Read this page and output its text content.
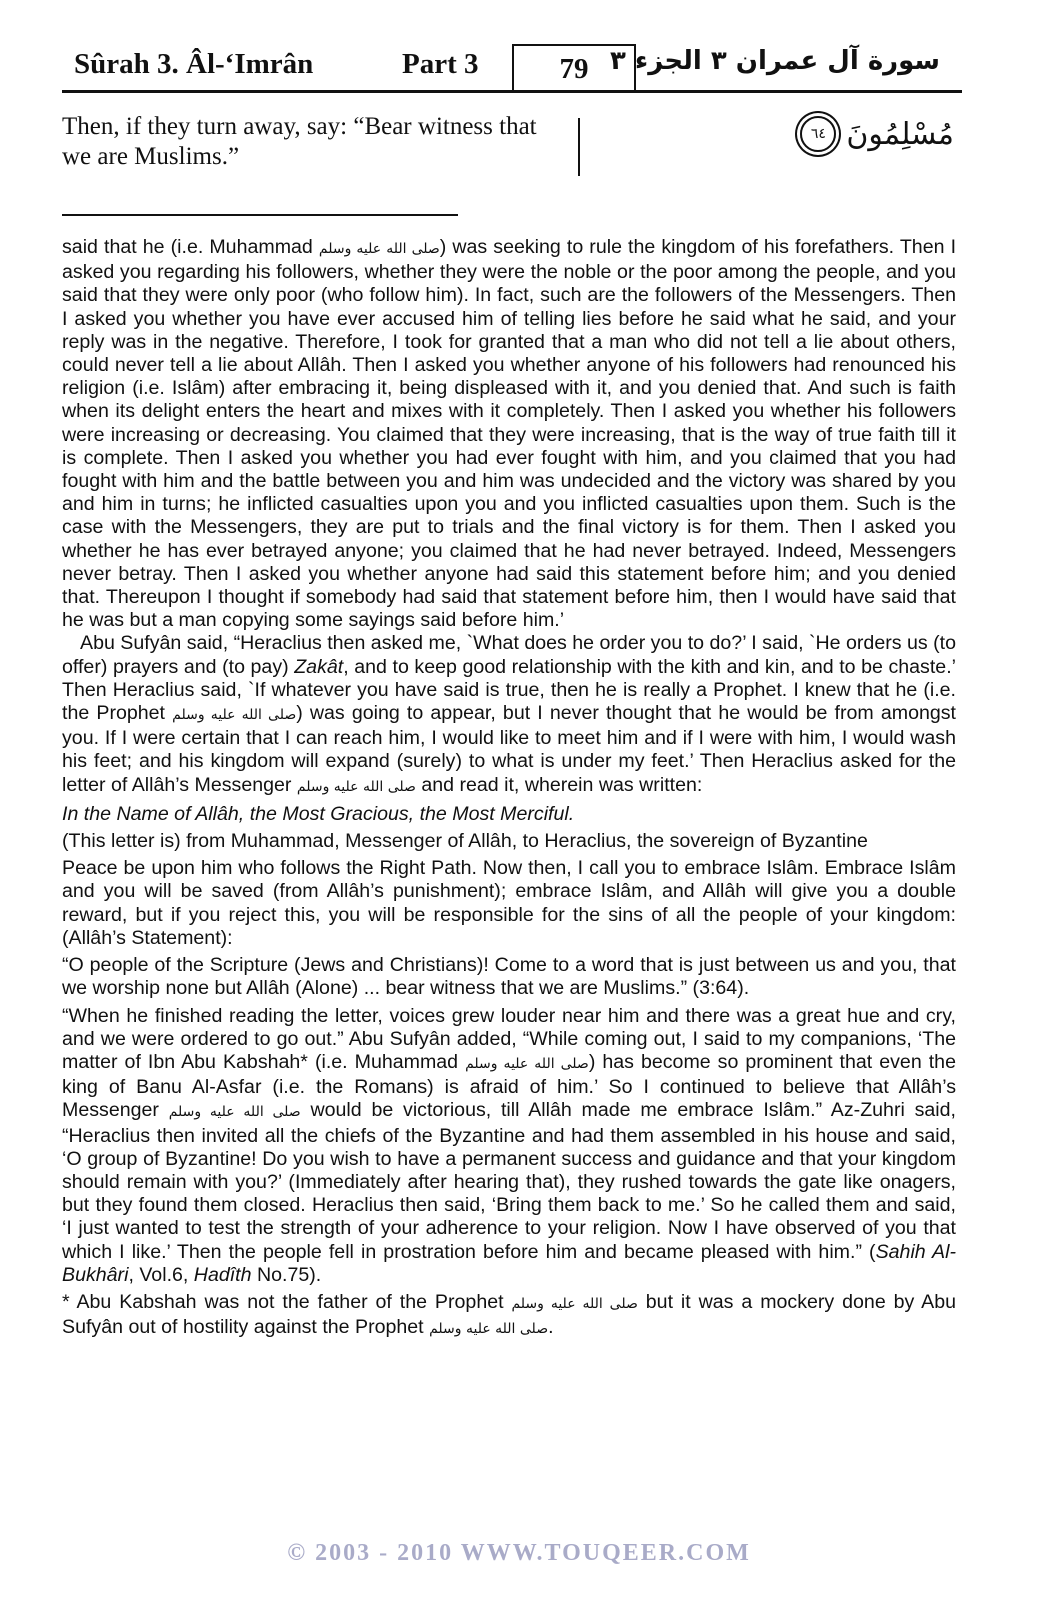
Sûrah 3. Âl-‘Imrân	Part 3	79 سورة آل عمران ٣ الجزء ٣
Then, if they turn away, say: “Bear witness that we are Muslims.”
مُسْلِمُونَ
٦٤

said that he (i.e. Muhammad صلى الله عليه وسلم) was seeking to rule the kingdom of his forefathers. Then I asked you regarding his followers, whether they were the noble or the poor among the people, and you said that they were only poor (who follow him). In fact, such are the followers of the Messengers. Then I asked you whether you have ever accused him of telling lies before he said what he said, and your reply was in the negative. Therefore, I took for granted that a man who did not tell a lie about others, could never tell a lie about Allâh. Then I asked you whether anyone of his followers had renounced his religion (i.e. Islâm) after embracing it, being displeased with it, and you denied that. And such is faith when its delight enters the heart and mixes with it completely. Then I asked you whether his followers were increasing or decreasing. You claimed that they were increasing, that is the way of true faith till it is complete. Then I asked you whether you had ever fought with him, and you claimed that you had fought with him and the battle between you and him was undecided and the victory was shared by you and him in turns; he inflicted casualties upon you and you inflicted casualties upon them. Such is the case with the Messengers, they are put to trials and the final victory is for them. Then I asked you whether he has ever betrayed anyone; you claimed that he had never betrayed. Indeed, Messengers never betray. Then I asked you whether anyone had said this statement before him; and you denied that. Thereupon I thought if somebody had said that statement before him, then I would have said that he was but a man copying some sayings said before him.’

Abu Sufyân said, “Heraclius then asked me, `What does he order you to do?’ I said, `He orders us (to offer) prayers and (to pay) Zakât, and to keep good relationship with the kith and kin, and to be chaste.’ Then Heraclius said, `If whatever you have said is true, then he is really a Prophet. I knew that he (i.e. the Prophet صلى الله عليه وسلم) was going to appear, but I never thought that he would be from amongst you. If I were certain that I can reach him, I would like to meet him and if I were with him, I would wash his feet; and his kingdom will expand (surely) to what is under my feet.’ Then Heraclius asked for the letter of Allâh’s Messenger صلى الله عليه وسلم and read it, wherein was written:

In the Name of Allâh, the Most Gracious, the Most Merciful.

(This letter is) from Muhammad, Messenger of Allâh, to Heraclius, the sovereign of Byzantine

Peace be upon him who follows the Right Path. Now then, I call you to embrace Islâm. Embrace Islâm and you will be saved (from Allâh’s punishment); embrace Islâm, and Allâh will give you a double reward, but if you reject this, you will be responsible for the sins of all the people of your kingdom: (Allâh’s Statement):

“O people of the Scripture (Jews and Christians)! Come to a word that is just between us and you, that we worship none but Allâh (Alone) ... bear witness that we are Muslims.” (3:64).

“When he finished reading the letter, voices grew louder near him and there was a great hue and cry, and we were ordered to go out.” Abu Sufyân added, “While coming out, I said to my companions, ‘The matter of Ibn Abu Kabshah* (i.e. Muhammad صلى الله عليه وسلم) has become so prominent that even the king of Banu Al-Asfar (i.e. the Romans) is afraid of him.’ So I continued to believe that Allâh’s Messenger صلى الله عليه وسلم would be victorious, till Allâh made me embrace Islâm.” Az-Zuhri said, “Heraclius then invited all the chiefs of the Byzantine and had them assembled in his house and said, ‘O group of Byzantine! Do you wish to have a permanent success and guidance and that your kingdom should remain with you?’ (Immediately after hearing that), they rushed towards the gate like onagers, but they found them closed. Heraclius then said, ‘Bring them back to me.’ So he called them and said, ‘I just wanted to test the strength of your adherence to your religion. Now I have observed of you that which I like.’ Then the people fell in prostration before him and became pleased with him.” (Sahih Al-Bukhâri, Vol.6, Hadîth No.75).

* Abu Kabshah was not the father of the Prophet صلى الله عليه وسلم but it was a mockery done by Abu Sufyân out of hostility against the Prophet صلى الله عليه وسلم.

© 2003 - 2010 WWW.TOUQEER.COM
